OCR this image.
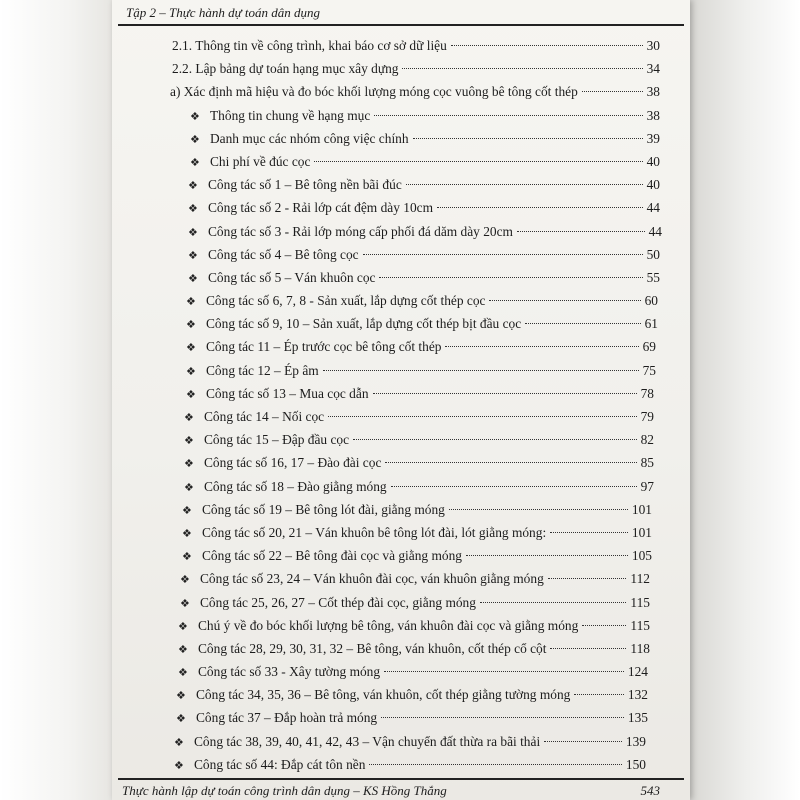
Tập 2 – Thực hành dự toán dân dụng
2.1. Thông tin về công trình, khai báo cơ sở dữ liệu	30
2.2. Lập bảng dự toán hạng mục xây dựng	34
a) Xác định mã hiệu và đo bóc khối lượng móng cọc vuông bê tông cốt thép	38
❖ Thông tin chung về hạng mục	38
❖ Danh mục các nhóm công việc chính	39
❖ Chi phí về đúc cọc	40
❖ Công tác số 1 – Bê tông nền bãi đúc	40
❖ Công tác số 2 - Rải lớp cát đệm dày 10cm	44
❖ Công tác số 3 - Rải lớp móng cấp phối đá dăm dày 20cm	44
❖ Công tác số 4 – Bê tông cọc	50
❖ Công tác số 5 – Ván khuôn cọc	55
❖ Công tác số 6, 7, 8 - Sản xuất, lắp dựng cốt thép cọc	60
❖ Công tác số 9, 10 – Sản xuất, lắp dựng cốt thép bịt đầu cọc	61
❖ Công tác 11 – Ép trước cọc bê tông cốt thép	69
❖ Công tác 12 – Ép âm	75
❖ Công tác số 13 – Mua cọc dẫn	78
❖ Công tác 14 – Nối cọc	79
❖ Công tác 15 – Đập đầu cọc	82
❖ Công tác số 16, 17 – Đào đài cọc	85
❖ Công tác số 18 – Đào giằng móng	97
❖ Công tác số 19 – Bê tông lót đài, giằng móng	101
❖ Công tác số 20, 21 – Ván khuôn bê tông lót đài, lót giằng móng:	101
❖ Công tác số 22 – Bê tông đài cọc và giằng móng	105
❖ Công tác số 23, 24 – Ván khuôn đài cọc, ván khuôn giằng móng	112
❖ Công tác 25, 26, 27 – Cốt thép đài cọc, giằng móng	115
❖ Chú ý về đo bóc khối lượng bê tông, ván khuôn đài cọc và giằng móng	115
❖ Công tác 28, 29, 30, 31, 32 – Bê tông, ván khuôn, cốt thép cổ cột	118
❖ Công tác số 33 - Xây tường móng	124
❖ Công tác 34, 35, 36 – Bê tông, ván khuôn, cốt thép giằng tường móng	132
❖ Công tác 37 – Đắp hoàn trả móng	135
❖ Công tác 38, 39, 40, 41, 42, 43 – Vận chuyển đất thừa ra bãi thải	139
❖ Công tác số 44: Đắp cát tôn nền	150
Thực hành lập dự toán công trình dân dụng – KS Hồng Thắng	543
